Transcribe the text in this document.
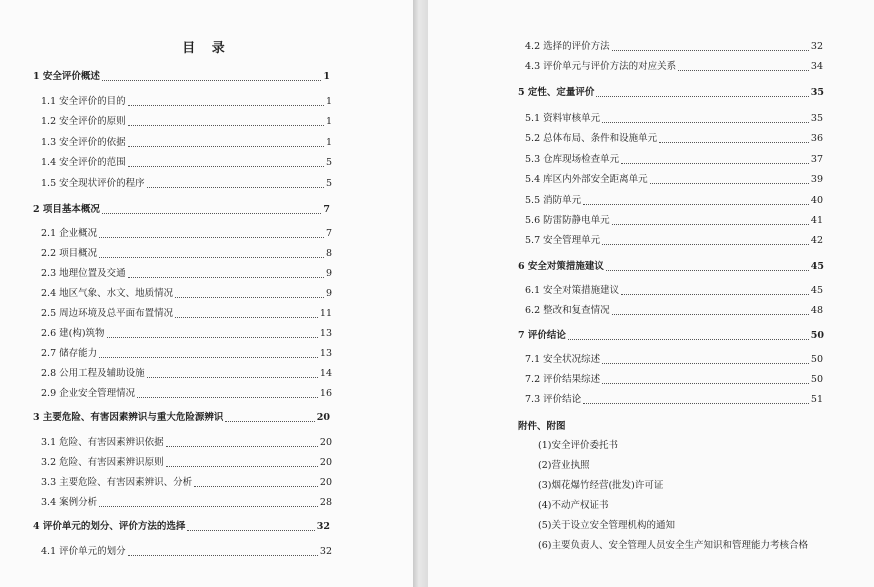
目 录
1 安全评价概述	1
1.1 安全评价的目的	1
1.2 安全评价的原则	1
1.3 安全评价的依据	1
1.4 安全评价的范围	5
1.5 安全现状评价的程序	5
2 项目基本概况	7
2.1 企业概况	7
2.2 项目概况	8
2.3 地理位置及交通	9
2.4 地区气象、水文、地质情况	9
2.5 周边环境及总平面布置情况	11
2.6 建(构)筑物	13
2.7 储存能力	13
2.8 公用工程及辅助设施	14
2.9 企业安全管理情况	16
3 主要危险、有害因素辨识与重大危险源辨识	20
3.1 危险、有害因素辨识依据	20
3.2 危险、有害因素辨识原则	20
3.3 主要危险、有害因素辨识、分析	20
3.4 案例分析	28
4 评价单元的划分、评价方法的选择	32
4.1 评价单元的划分	32
4.2 选择的评价方法	32
4.3 评价单元与评价方法的对应关系	34
5 定性、定量评价	35
5.1 资料审核单元	35
5.2 总体布局、条件和设施单元	36
5.3 仓库现场检查单元	37
5.4 库区内外部安全距离单元	39
5.5 消防单元	40
5.6 防雷防静电单元	41
5.7 安全管理单元	42
6 安全对策措施建议	45
6.1 安全对策措施建议	45
6.2 整改和复查情况	48
7 评价结论	50
7.1 安全状况综述	50
7.2 评价结果综述	50
7.3 评价结论	51
附件、附图
(1)安全评价委托书
(2)营业执照
(3)烟花爆竹经营(批发)许可证
(4)不动产权证书
(5)关于设立安全管理机构的通知
(6)主要负责人、安全管理人员安全生产知识和管理能力考核合格
